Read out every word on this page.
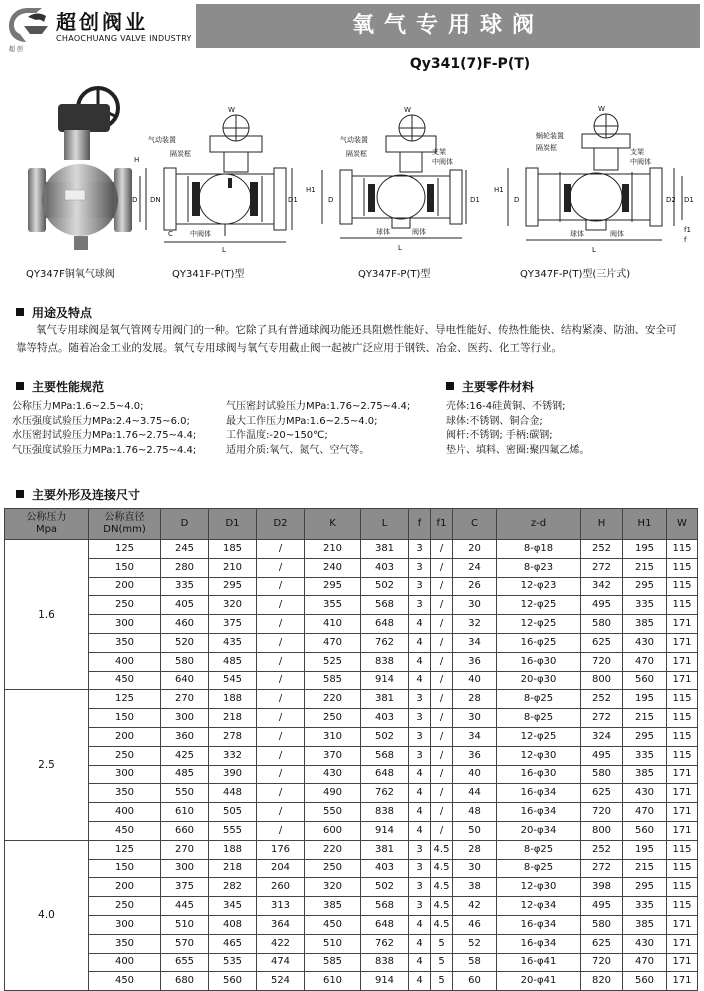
超创阀业
CHAOCHUANG VALVE INDUSTRY
超 创
氧气专用球阀
Qy341(7)F-P(T)
气动装置
隔炭框
W
H
D DN	D1
L
中阀体
C
气动装置
隔炭框	支架
中阀体
W
H1
D	D1
L
阀体
球体
蜗轮装置
隔炭框	支架
中阀体
W
H1
D	D2 D1
L
阀体
球体	f1
f
QY347F铜氧气球阀	QY341F-P(T)型	QY347F-P(T)型	QY347F-P(T)型(三片式)
用途及特点
氧气专用球阀是氧气管网专用阀门的一种。它除了具有普通球阀功能还具阻燃性能好、导电性能好、传热性能快、结构紧凑、防油、安全可
靠等特点。随着冶金工业的发展。氧气专用球阀与氧气专用截止阀一起被广泛应用于钢铁、冶金、医药、化工等行业。
主要性能规范
公称压力MPa:1.6~2.5~4.0;
水压强度试验压力MPa:2.4~3.75~6.0;
水压密封试验压力MPa:1.76~2.75~4.4;
气压强度试验压力MPa:1.76~2.75~4.4;
气压密封试验压力MPa:1.76~2.75~4.4;
最大工作压力MPa:1.6~2.5~4.0;
工作温度:-20~150℃;
适用介质:氧气、氮气、空气等。
主要零件材料
壳体:16-4硅黄铜、不锈钢;
球体:不锈钢、铜合金;
阀杆:不锈钢; 手柄:碳钢;
垫片、填料、密圈:聚四氟乙烯。
主要外形及连接尺寸
公称压力
Mpa	公称直径
DN(mm)	D	D1	D2	K	L	f	f1	C	z-d	H	H1	W
1.6	125	245	185	/	210	381	3	/	20	8-φ18	252	195	115
	150	280	210	/	240	403	3	/	24	8-φ23	272	215	115
	200	335	295	/	295	502	3	/	26	12-φ23	342	295	115
	250	405	320	/	355	568	3	/	30	12-φ25	495	335	115
	300	460	375	/	410	648	4	/	32	12-φ25	580	385	171
	350	520	435	/	470	762	4	/	34	16-φ25	625	430	171
	400	580	485	/	525	838	4	/	36	16-φ30	720	470	171
	450	640	545	/	585	914	4	/	40	20-φ30	800	560	171
2.5	125	270	188	/	220	381	3	/	28	8-φ25	252	195	115
	150	300	218	/	250	403	3	/	30	8-φ25	272	215	115
	200	360	278	/	310	502	3	/	34	12-φ25	324	295	115
	250	425	332	/	370	568	3	/	36	12-φ30	495	335	115
	300	485	390	/	430	648	4	/	40	16-φ30	580	385	171
	350	550	448	/	490	762	4	/	44	16-φ34	625	430	171
	400	610	505	/	550	838	4	/	48	16-φ34	720	470	171
	450	660	555	/	600	914	4	/	50	20-φ34	800	560	171
4.0	125	270	188	176	220	381	3	4.5	28	8-φ25	252	195	115
	150	300	218	204	250	403	3	4.5	30	8-φ25	272	215	115
	200	375	282	260	320	502	3	4.5	38	12-φ30	398	295	115
	250	445	345	313	385	568	3	4.5	42	12-φ34	495	335	115
	300	510	408	364	450	648	4	4.5	46	16-φ34	580	385	171
	350	570	465	422	510	762	4	5	52	16-φ34	625	430	171
	400	655	535	474	585	838	4	5	58	16-φ41	720	470	171
	450	680	560	524	610	914	4	5	60	20-φ41	820	560	171
